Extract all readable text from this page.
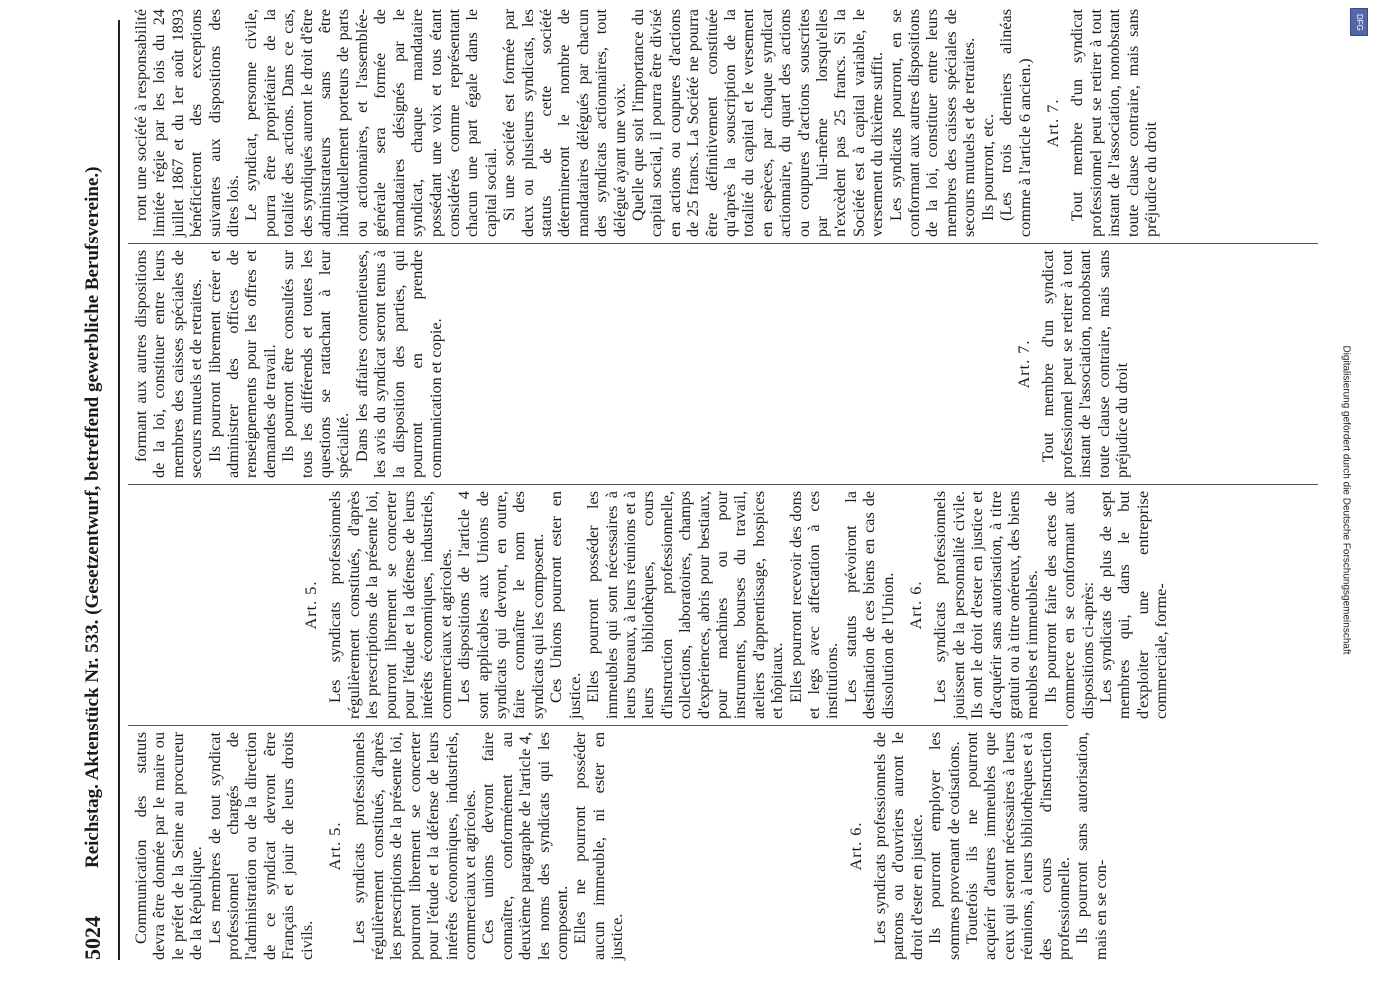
5024
Reichstag. Aktenstück Nr. 533. (Gesetzentwurf, betreffend gewerbliche Berufsvereine.) Communication des statuts devra être donnée par le maire ou le préfet de la Seine au procureur de la République. Les membres de tout syndicat professionnel chargés de l'administration ou de la direction de ce syndicat devront être Français et jouir de leurs droits civils.

Art. 5. Les syndicats professionnels régulièrement constitués, d'après les prescriptions de la présente loi, pourront librement se concerter pour l'étude et la défense de leurs intérêts économiques, industriels, commerciaux et agricoles. Ces unions devront faire connaître, conformément au deuxième paragraphe de l'article 4, les noms des syndicats qui les composent. Elles ne pourront posséder aucun immeuble, ni ester en justice.

Art. 6. Les syndicats professionnels de patrons ou d'ouvriers auront le droit d'ester en justice. Ils pourront employer les sommes provenant de cotisations. Toutefois ils ne pourront acquérir d'autres immeubles que ceux qui seront nécessaires à leurs réunions, à leurs bibliothèques et à des cours d'instruction professionnelle. Ils pourront sans autorisation, mais en se con-

Art. 5. Les syndicats professionnels régulièrement constitués, d'après les prescriptions de la présente loi, pourront librement se concerter pour l'étude et la défense de leurs intérêts économiques, industriels, commerciaux et agricoles. Les dispositions de l'article 4 sont applicables aux Unions de syndicats qui devront, en outre, faire connaître le nom des syndicats qui les composent. Ces Unions pourront ester en justice. Elles pourront posséder les immeubles qui sont nécessaires à leurs bureaux, à leurs réunions et à leurs bibliothèques, cours d'instruction professionnelle, collections, laboratoires, champs d'expériences, abris pour bestiaux, pour machines ou pour instruments, bourses du travail, ateliers d'apprentissage, hospices et hôpitaux. Elles pourront recevoir des dons et legs avec affectation à ces institutions. Les statuts prévoiront la destination de ces biens en cas de dissolution de l'Union. Art. 6. Les syndicats professionnels jouissent de la personnalité civile. Ils ont le droit d'ester en justice et d'acquérir sans autorisation, à titre gratuit ou à titre onéreux, des biens meubles et immeubles. Ils pourront faire des actes de commerce en se conformant aux dispositions ci-après: Les syndicats de plus de sept membres qui, dans le but d'exploiter une entreprise commerciale, forme-

formant aux autres dispositions de la loi, constituer entre leurs membres des caisses spéciales de secours mutuels et de retraites. Ils pourront librement créer et administrer des offices de renseignements pour les offres et demandes de travail. Ils pourront être consultés sur tous les différends et toutes les questions se rattachant à leur spécialité. Dans les affaires contentieuses, les avis du syndicat seront tenus à la disposition des parties, qui pourront en prendre communication et copie.	Art. 7. Tout membre d'un syndicat professionnel peut se retirer à tout instant de l'association, nonobstant toute clause contraire, mais sans préjudice du droit

ront une société à responsabilité limitée régie par les lois du 24 juillet 1867 et du 1er août 1893 bénéficieront des exceptions suivantes aux dispositions des dites lois. Le syndicat, personne civile, pourra être propriétaire de la totalité des actions. Dans ce cas, des syndiqués auront le droit d'être administrateurs sans être individuellement porteurs de parts ou actionnaires, et l'assemblée-générale sera formée de mandataires désignés par le syndicat, chaque mandataire possédant une voix et tous étant considérés comme représentant chacun une part égale dans le capital social. Si une société est formée par deux ou plusieurs syndicats, les statuts de cette société détermineront le nombre de mandataires délégués par chacun des syndicats actionnaires, tout délégué ayant une voix. Quelle que soit l'importance du capital social, il pourra être divisé en actions ou coupures d'actions de 25 francs. La Société ne pourra être définitivement constituée qu'après la souscription de la totalité du capital et le versement en espèces, par chaque syndicat actionnaire, du quart des actions ou coupures d'actions souscrites par lui-même lorsqu'elles n'excèdent pas 25 francs. Si la Société est à capital variable, le versement du dixième suffit. Les syndicats pourront, en se conformant aux autres dispositions de la loi, constituer entre leurs membres des caisses spéciales de secours mutuels et de retraites. Ils pourront, etc. (Les trois derniers alinéas comme à l'article 6 ancien.) Art. 7. Tout membre d'un syndicat professionnel peut se retirer à tout instant de l'association, nonobstant toute clause contraire, mais sans préjudice du droit

DFG
Digitalisierung gefördert durch die Deutsche Forschungsgemeinschaft
